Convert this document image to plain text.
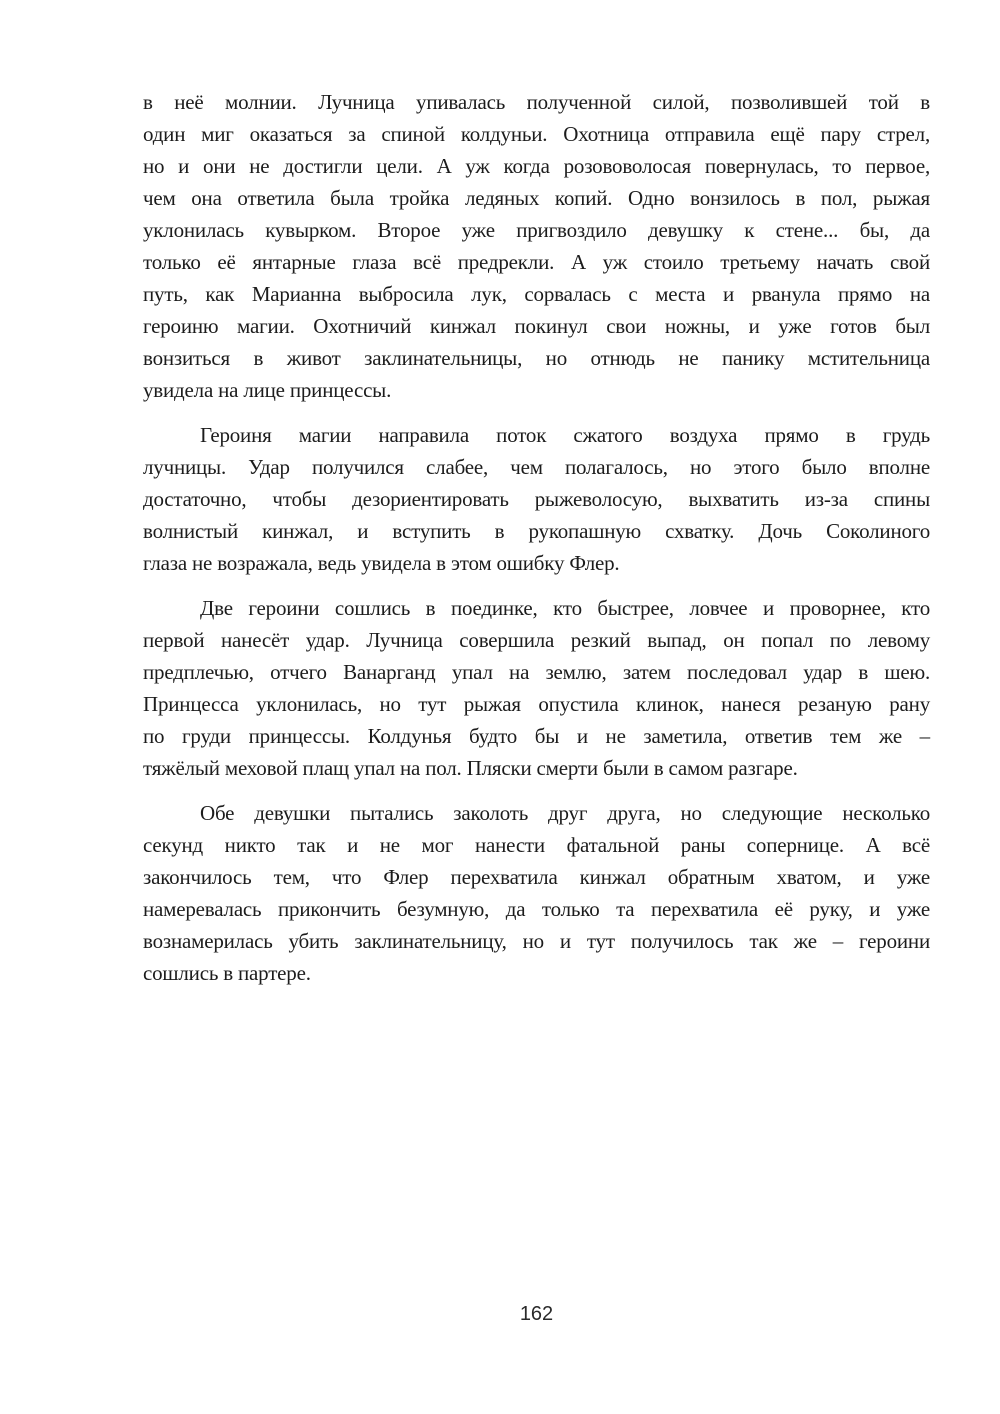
в неё молнии. Лучница упивалась полученной силой, позволившей той в
один миг оказаться за спиной колдуньи. Охотница отправила ещё пару стрел,
но и они не достигли цели. А уж когда розововолосая повернулась, то первое,
чем она ответила была тройка ледяных копий. Одно вонзилось в пол, рыжая
уклонилась кувырком. Второе уже пригвоздило девушку к стене... бы, да
только её янтарные глаза всё предрекли. А уж стоило третьему начать свой
путь, как Марианна выбросила лук, сорвалась с места и рванула прямо на
героиню магии. Охотничий кинжал покинул свои ножны, и уже готов был
вонзиться в живот заклинательницы, но отнюдь не панику мстительница
увидела на лице принцессы.

Героиня магии направила поток сжатого воздуха прямо в грудь
лучницы. Удар получился слабее, чем полагалось, но этого было вполне
достаточно, чтобы дезориентировать рыжеволосую, выхватить из-за спины
волнистый кинжал, и вступить в рукопашную схватку. Дочь Соколиного
глаза не возражала, ведь увидела в этом ошибку Флер.

Две героини сошлись в поединке, кто быстрее, ловчее и проворнее, кто
первой нанесёт удар. Лучница совершила резкий выпад, он попал по левому
предплечью, отчего Ванарганд упал на землю, затем последовал удар в шею.
Принцесса уклонилась, но тут рыжая опустила клинок, нанеся резаную рану
по груди принцессы. Колдунья будто бы и не заметила, ответив тем же –
тяжёлый меховой плащ упал на пол. Пляски смерти были в самом разгаре.

Обе девушки пытались заколоть друг друга, но следующие несколько
секунд никто так и не мог нанести фатальной раны сопернице. А всё
закончилось тем, что Флер перехватила кинжал обратным хватом, и уже
намеревалась прикончить безумную, да только та перехватила её руку, и уже
вознамерилась убить заклинательницу, но и тут получилось так же – героини
сошлись в партере.

162
